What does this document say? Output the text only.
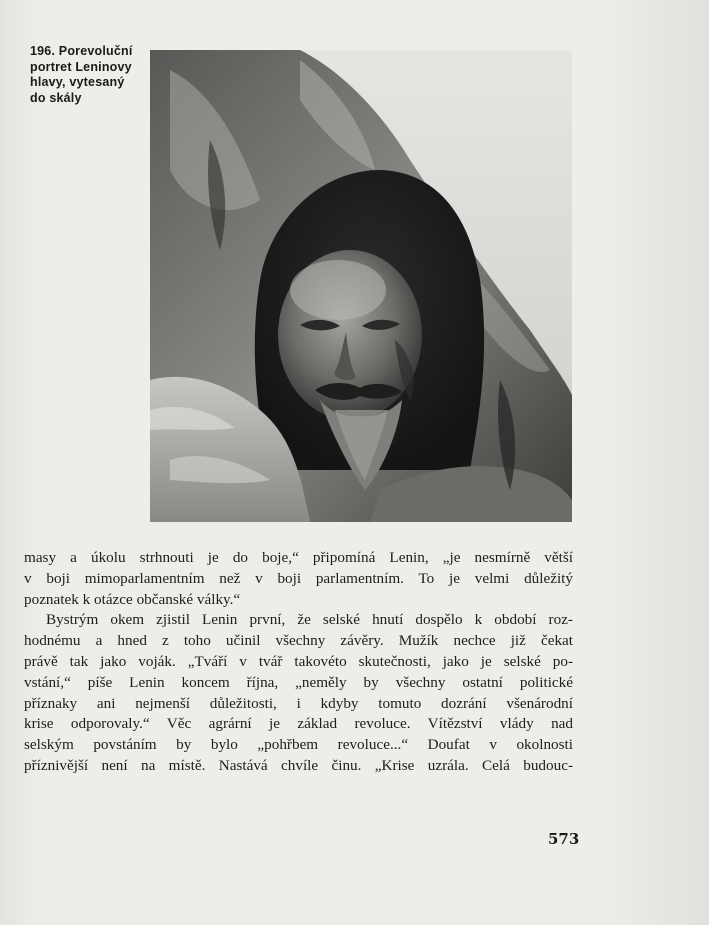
196. Porevoluční
portret Leninovy
hlavy, vytesaný
do skály
masy a úkolu strhnouti je do boje,“ připomíná Lenin, „je nesmírně větší
v boji mimoparlamentním než v boji parlamentním. To je velmi důležitý
poznatek k otázce občanské války.“
Bystrým okem zjistil Lenin první, že selské hnutí dospělo k období roz-
hodnému a hned z toho učinil všechny závěry. Mužík nechce již čekat
právě tak jako voják. „Tváří v tvář takovéto skutečnosti, jako je selské po-
vstání,“ píše Lenin koncem října, „neměly by všechny ostatní politické
příznaky ani nejmenší důležitosti, i kdyby tomuto dozrání všenárodní
krise odporovaly.“ Věc agrární je základ revoluce. Vítězství vlády nad
selským povstáním by bylo „pohřbem revoluce...“ Doufat v okolnosti
příznivější není na místě. Nastává chvíle činu. „Krise uzrála. Celá budouc-
573
